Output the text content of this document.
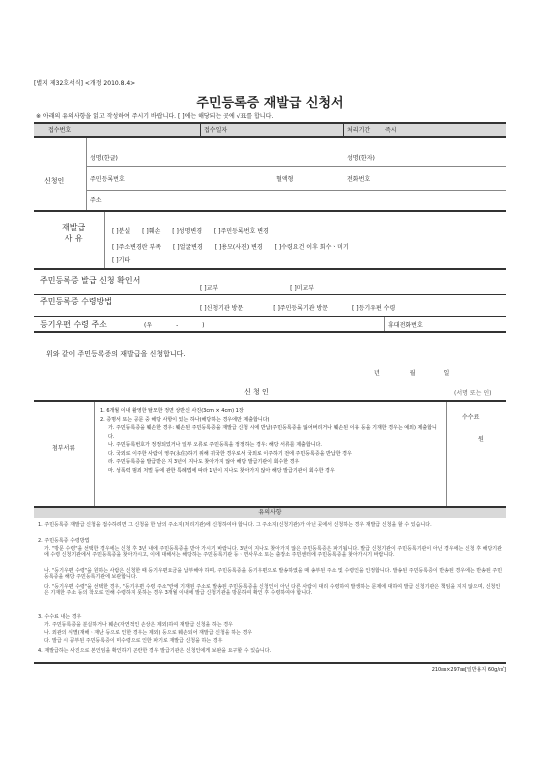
[별지 제32호서식] <개정 2010.8.4>
주민등록증 재발급 신청서
※ 아래의 유의사항을 읽고 작성하여 주시기 바랍니다. [ ]에는 해당되는 곳에 √표를 합니다.
접수번호	접수일자	처리기간 즉시
신청인
성명(한글)	성명(한자)
주민등록번호	혈액형	전화번호
주소
재발급
사 유
[ ]분실 [ ]훼손 [ ]성명변경 [ ]주민등록번호 변경
[ ]주소변경란 부족 [ ]얼굴변경 [ ]용모(사진) 변경 [ ]수령요건 이후 회수ㆍ미기
[ ]기타
주민등록증 발급 신청 확인서
[ ]교부	[ ]미교부
주민등록증 수령방법
[ ]신청기관 방문	[ ]주민등록기관 방문	[ ]등기우편 수령
등기우편 수령 주소	(우	-	)	휴대전화번호
위와 같이 주민등록증의 재발급을 신청합니다.
년	월	일
신 청 인	(서명 또는 인)
첨부서류
1. 6개월 이내 촬영한 탈모한 정면 상반신 사진(3cm × 4cm) 1장
2. 증명서 또는 공문 중 해당 사항이 있는 하나(해당하는 경우에만 제출합니다)
가. 주민등록증을 훼손한 경우: 훼손된 주민등록증을 재발급 신청 시에 반납(주민등록증을 잃어버리거나 훼손된 이유 등을 기재한 경우는 예외) 제출합니다.
나. 주민등록번호가 정정되었거나 일부 오류로 주민등록을 정정하는 경우: 해당 서류를 제출합니다.
다. 국외로 이주한 사람이 영주(永住)하기 위해 귀국한 경우로서 국외로 이주하기 전에 주민등록증을 반납한 경우
라. 주민등록증을 발급받은 지 3년이 지나도 찾아가지 않아 해당 발급기관이 회수한 경우
마. 성폭력 범죄 처벌 등에 관한 특례법에 따라 1년이 지나도 찾아가지 않아 해당 발급기관이 회수한 경우
수수료
원
유의사항
1. 주민등록증 재발급 신청을 접수하려면 그 신청을 한 날의 주소지(처리기관)에 신청하여야 합니다. 그 주소지(신청기관)가 아닌 곳에서 신청하는 경우 재발급 신청을 할 수 있습니다.
2. 주민등록증 수령방법
가. "방문 수령"을 선택한 경우에는 신청 후 3년 내에 주민등록증을 받아 가시기 바랍니다. 3년이 지나도 찾아가지 않은 주민등록증은 파기됩니다. 발급 신청기관이 주민등록기관이 아닌 경우에는 신청 후 해당기관에 수령 신청기관에서 주민등록증을 찾아가시고, 이에 대해서는 해당하는 주민등록기관 등ㆍ면사무소 또는 출장소 주민센터에 주민등록증을 찾아가시기 바랍니다.
나. "등기우편 수령"을 원하는 사람은 신청한 때 등기우편요금을 납부해야 하며, 주민등록증을 등기우편으로 발송하였을 때 송부된 주소 및 수령인을 인정합니다. 발송된 주민등록증이 반송된 경우에는 반송된 주민등록증을 해당 주민등록기관에 보관합니다.
다. "등기우편 수령"을 선택한 경우, "등기우편 수령 주소"란에 기재된 주소로 발송된 주민등록증을 신청인이 아닌 다른 사람이 대리 수령하여 발생하는 문제에 대하여 발급 신청기관은 책임을 지지 않으며, 신청인은 기재한 주소 등의 착오로 인해 수령하지 못하는 경우 3개월 이내에 발급 신청기관을 방문하여 확인 후 수령하여야 합니다.
3. 수수료 내는 경우
가. 주민등록증을 분실하거나 훼손(자연적인 손상은 제외)하여 재발급 신청을 하는 경우
나. 외관의 식별(재해ㆍ재난 등으로 인한 경우는 제외) 등으로 훼손되어 재발급 신청을 하는 경우
다. 발급 시 공부된 주민등록증이 미수령으로 인한 파기로 재발급 신청을 하는 경우
4. 재발급하는 사진으로 본인임을 확인하기 곤란한 경우 발급기관은 신청인에게 보완을 요구할 수 있습니다.
210㎜×297㎜[일반용지 60g/㎡]
